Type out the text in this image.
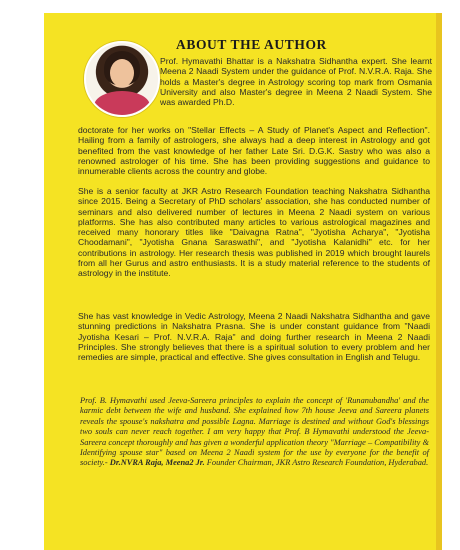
ABOUT THE AUTHOR

Prof. Hymavathi Bhattar is a Nakshatra Sidhantha expert. She learnt Meena 2 Naadi System under the guidance of Prof. N.V.R.A. Raja. She holds a Master's degree in Astrology scoring top mark from Osmania University and also Master's degree in Meena 2 Naadi System. She was awarded Ph.D.

doctorate for her works on "Stellar Effects – A Study of Planet's Aspect and Reflection". Hailing from a family of astrologers, she always had a deep interest in Astrology and got benefited from the vast knowledge of her father Late Sri. D.G.K. Sastry who was also a renowned astrologer of his time. She has been providing suggestions and guidance to innumerable clients across the country and globe.

She is a senior faculty at JKR Astro Research Foundation teaching Nakshatra Sidhantha since 2015. Being a Secretary of PhD scholars' association, she has conducted number of seminars and also delivered number of lectures in Meena 2 Naadi system on various platforms. She has also contributed many articles to various astrological magazines and received many honorary titles like "Daivagna Ratna", "Jyotisha Acharya", "Jyotisha Choodamani", "Jyotisha Gnana Saraswathi", and "Jyotisha Kalanidhi" etc. for her contributions in astrology. Her research thesis was published in 2019 which brought laurels from all her Gurus and astro enthusiasts. It is a study material reference to the students of astrology in the institute.

She has vast knowledge in Vedic Astrology, Meena 2 Naadi Nakshatra Sidhantha and gave stunning predictions in Nakshatra Prasna. She is under constant guidance from "Naadi Jyotisha Kesari – Prof. N.V.R.A. Raja" and doing further research in Meena 2 Naadi Principles. She strongly believes that there is a spiritual solution to every problem and her remedies are simple, practical and effective. She gives consultation in English and Telugu.

Prof. B. Hymavathi used Jeeva-Sareera principles to explain the concept of 'Runanubandha' and the karmic debt between the wife and husband. She explained how 7th house Jeeva and Sareera planets reveals the spouse's nakshatra and possible Lagna. Marriage is destined and without God's blessings two souls can never reach together. I am very happy that Prof. B Hymavathi understood the Jeeva-Sareera concept thoroughly and has given a wonderful application theory "Marriage – Compatibility & Identifying spouse star" based on Meena 2 Naadi system for the use by everyone for the benefit of society.- Dr.NVRA Raja, Meena2 Jr. Founder Chairman, JKR Astro Research Foundation, Hyderabad.
